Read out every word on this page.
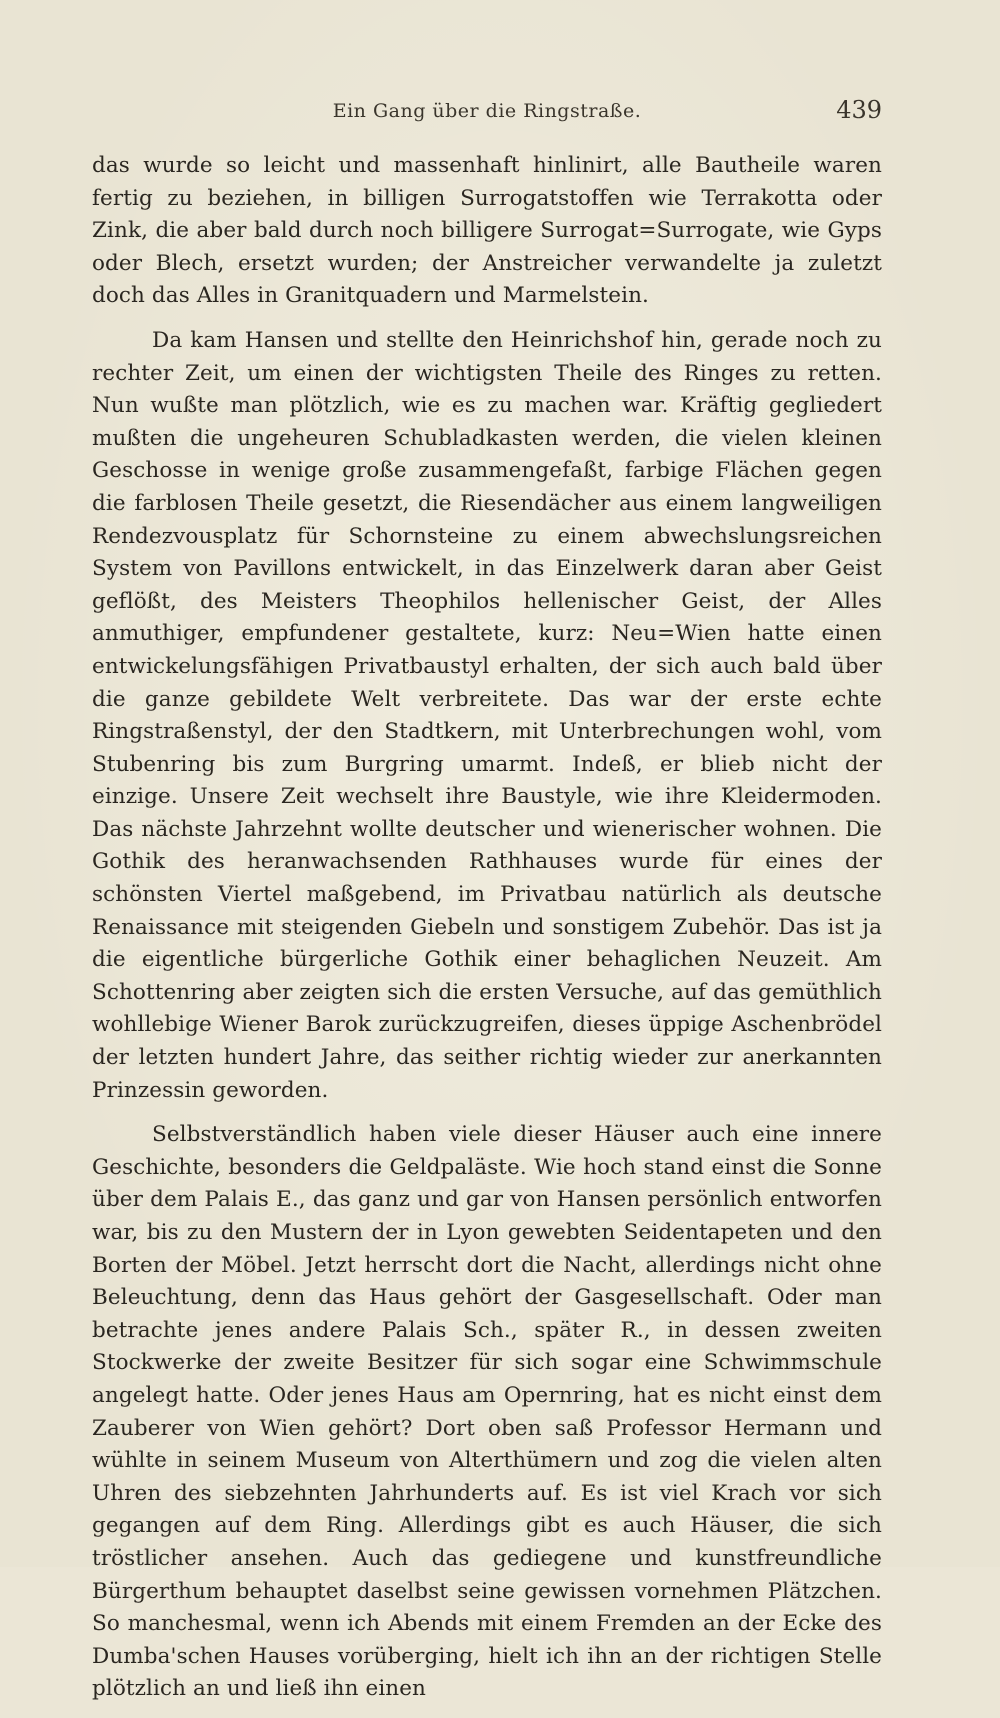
Ein Gang über die Ringstraße.	439

das wurde so leicht und massenhaft hinlinirt, alle Bautheile waren fertig zu beziehen, in billigen Surrogatstoffen wie Terrakotta oder Zink, die aber bald durch noch billigere Surrogat=Surrogate, wie Gyps oder Blech, ersetzt wurden; der Anstreicher verwandelte ja zuletzt doch das Alles in Granitquadern und Marmelstein.

Da kam Hansen und stellte den Heinrichshof hin, gerade noch zu rechter Zeit, um einen der wichtigsten Theile des Ringes zu retten. Nun wußte man plötzlich, wie es zu machen war. Kräftig gegliedert mußten die ungeheuren Schubladkasten werden, die vielen kleinen Geschosse in wenige große zusammengefaßt, farbige Flächen gegen die farblosen Theile gesetzt, die Riesendächer aus einem langweiligen Rendezvousplatz für Schornsteine zu einem abwechslungsreichen System von Pavillons entwickelt, in das Einzelwerk daran aber Geist geflößt, des Meisters Theophilos hellenischer Geist, der Alles anmuthiger, empfundener gestaltete, kurz: Neu=Wien hatte einen entwickelungsfähigen Privatbaustyl erhalten, der sich auch bald über die ganze gebildete Welt verbreitete. Das war der erste echte Ringstraßenstyl, der den Stadtkern, mit Unterbrechungen wohl, vom Stubenring bis zum Burgring umarmt. Indeß, er blieb nicht der einzige. Unsere Zeit wechselt ihre Baustyle, wie ihre Kleidermoden. Das nächste Jahrzehnt wollte deutscher und wienerischer wohnen. Die Gothik des heranwachsenden Rathhauses wurde für eines der schönsten Viertel maßgebend, im Privatbau natürlich als deutsche Renaissance mit steigenden Giebeln und sonstigem Zubehör. Das ist ja die eigentliche bürgerliche Gothik einer behaglichen Neuzeit. Am Schottenring aber zeigten sich die ersten Versuche, auf das gemüthlich wohllebige Wiener Barok zurückzugreifen, dieses üppige Aschenbrödel der letzten hundert Jahre, das seither richtig wieder zur anerkannten Prinzessin geworden.

Selbstverständlich haben viele dieser Häuser auch eine innere Geschichte, besonders die Geldpaläste. Wie hoch stand einst die Sonne über dem Palais E., das ganz und gar von Hansen persönlich entworfen war, bis zu den Mustern der in Lyon gewebten Seidentapeten und den Borten der Möbel. Jetzt herrscht dort die Nacht, allerdings nicht ohne Beleuchtung, denn das Haus gehört der Gasgesellschaft. Oder man betrachte jenes andere Palais Sch., später R., in dessen zweiten Stockwerke der zweite Besitzer für sich sogar eine Schwimmschule angelegt hatte. Oder jenes Haus am Opernring, hat es nicht einst dem Zauberer von Wien gehört? Dort oben saß Professor Hermann und wühlte in seinem Museum von Alterthümern und zog die vielen alten Uhren des siebzehnten Jahrhunderts auf. Es ist viel Krach vor sich gegangen auf dem Ring. Allerdings gibt es auch Häuser, die sich tröstlicher ansehen. Auch das gediegene und kunstfreundliche Bürgerthum behauptet daselbst seine gewissen vornehmen Plätzchen. So manchesmal, wenn ich Abends mit einem Fremden an der Ecke des Dumba'schen Hauses vorüberging, hielt ich ihn an der richtigen Stelle plötzlich an und ließ ihn einen
